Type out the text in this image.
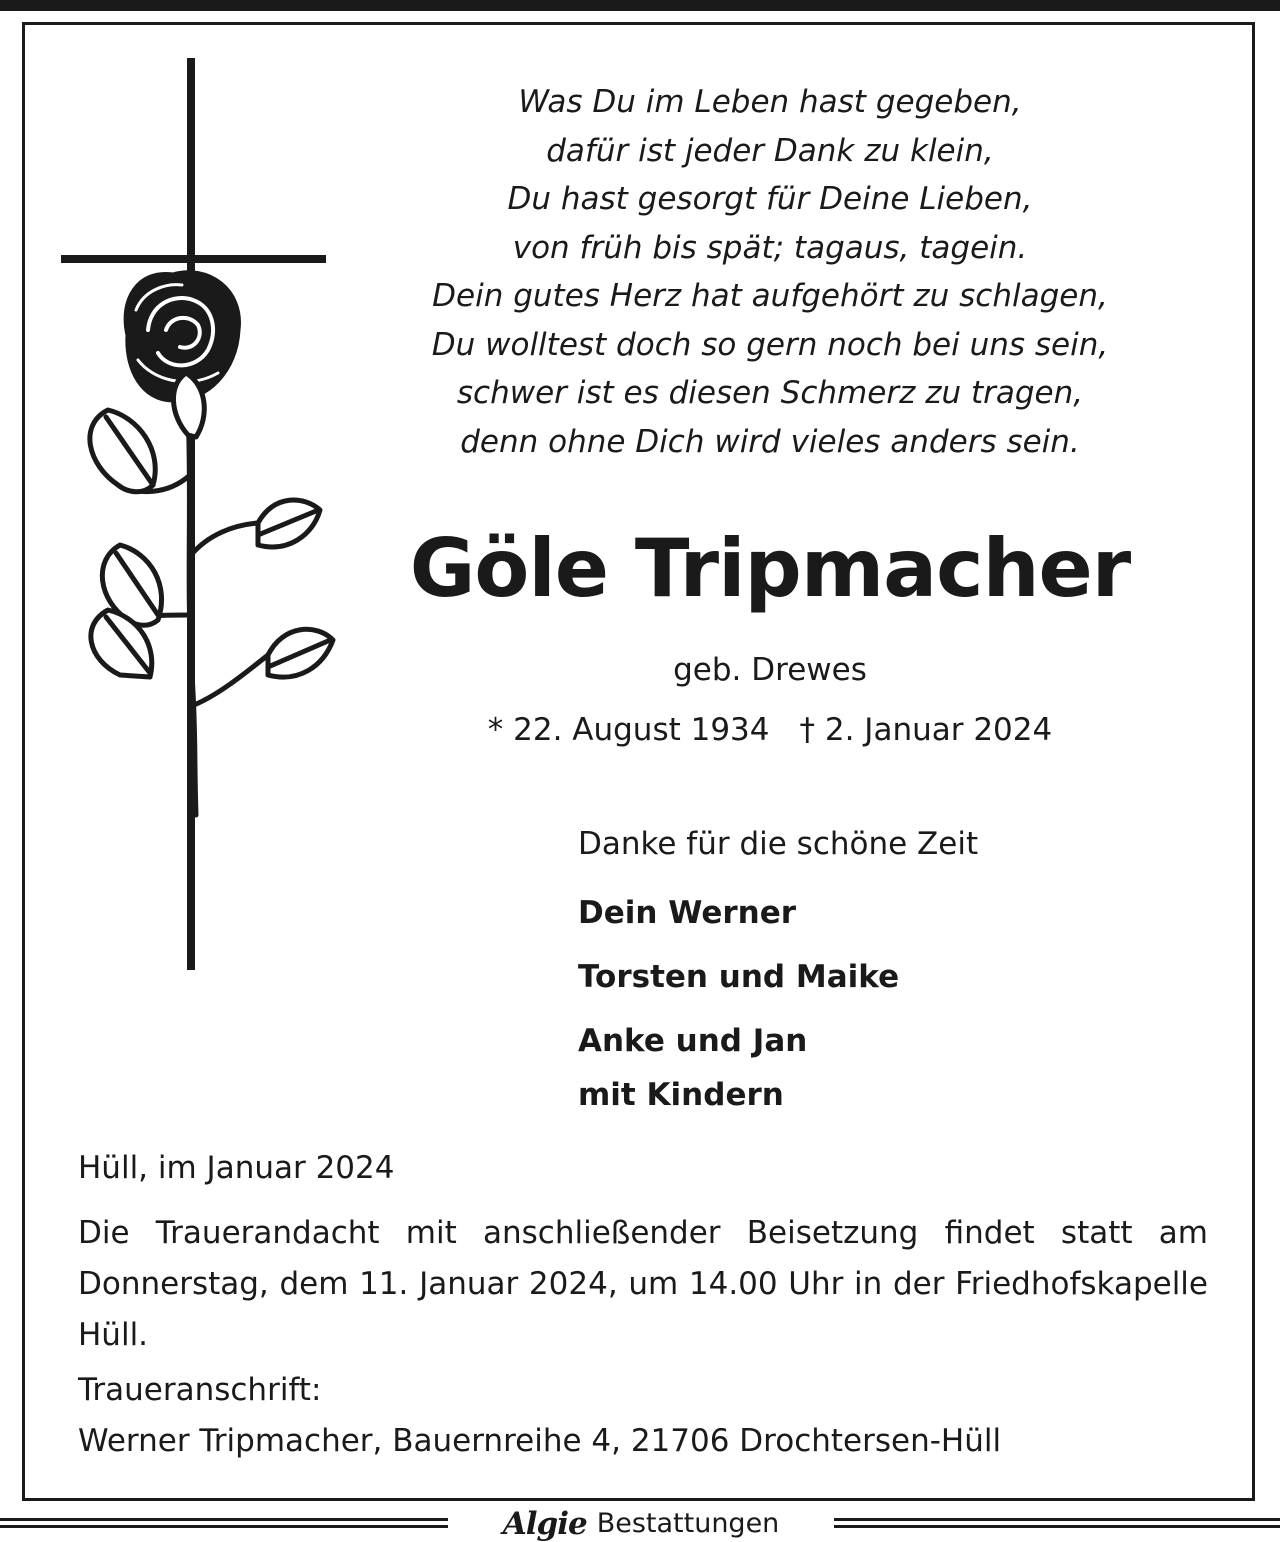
Was Du im Leben hast gegeben,
dafür ist jeder Dank zu klein,
Du hast gesorgt für Deine Lieben,
von früh bis spät; tagaus, tagein.
Dein gutes Herz hat aufgehört zu schlagen,
Du wolltest doch so gern noch bei uns sein,
schwer ist es diesen Schmerz zu tragen,
denn ohne Dich wird vieles anders sein.
Göle Tripmacher
geb. Drewes
* 22. August 1934 † 2. Januar 2024
Danke für die schöne Zeit
Dein Werner
Torsten und Maike
Anke und Jan
mit Kindern
Hüll, im Januar 2024
Die Trauerandacht mit anschließender Beisetzung findet statt am Donnerstag, dem 11. Januar 2024, um 14.00 Uhr in der Friedhofskapelle Hüll.
Traueranschrift:
Werner Tripmacher, Bauernreihe 4, 21706 Drochtersen-Hüll
Algie Bestattungen
